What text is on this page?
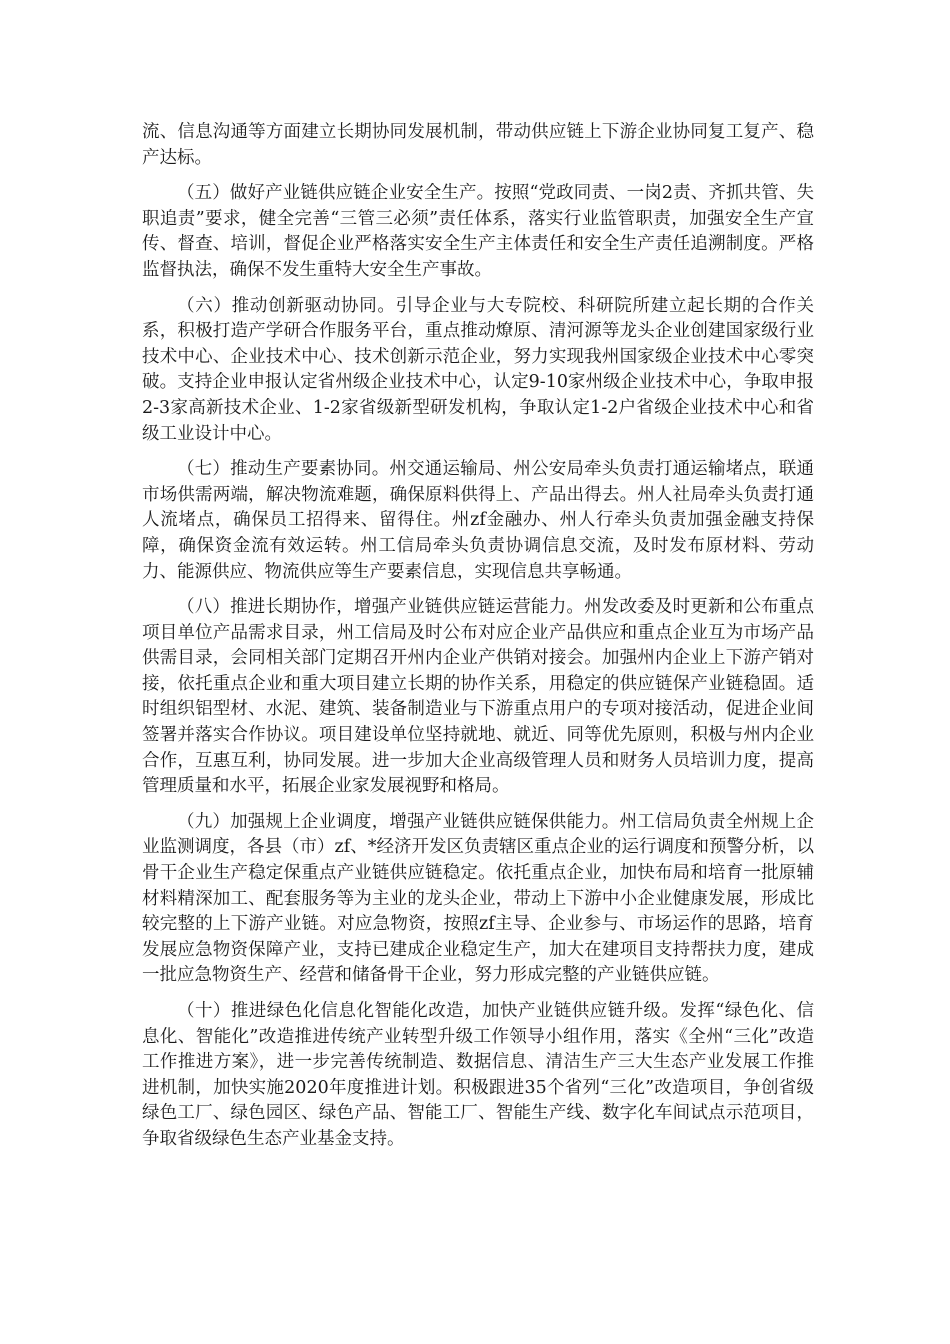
流、信息沟通等方面建立长期协同发展机制，带动供应链上下游企业协同复工复产、稳产达标。

（五）做好产业链供应链企业安全生产。按照“党政同责、一岗2责、齐抓共管、失职追责”要求，健全完善“三管三必须”责任体系，落实行业监管职责，加强安全生产宣传、督查、培训，督促企业严格落实安全生产主体责任和安全生产责任追溯制度。严格监督执法，确保不发生重特大安全生产事故。

（六）推动创新驱动协同。引导企业与大专院校、科研院所建立起长期的合作关系，积极打造产学研合作服务平台，重点推动燎原、清河源等龙头企业创建国家级行业技术中心、企业技术中心、技术创新示范企业，努力实现我州国家级企业技术中心零突破。支持企业申报认定省州级企业技术中心，认定9-10家州级企业技术中心，争取申报2-3家高新技术企业、1-2家省级新型研发机构，争取认定1-2户省级企业技术中心和省级工业设计中心。

（七）推动生产要素协同。州交通运输局、州公安局牵头负责打通运输堵点，联通市场供需两端，解决物流难题，确保原料供得上、产品出得去。州人社局牵头负责打通人流堵点，确保员工招得来、留得住。州zf金融办、州人行牵头负责加强金融支持保障，确保资金流有效运转。州工信局牵头负责协调信息交流，及时发布原材料、劳动力、能源供应、物流供应等生产要素信息，实现信息共享畅通。

（八）推进长期协作，增强产业链供应链运营能力。州发改委及时更新和公布重点项目单位产品需求目录，州工信局及时公布对应企业产品供应和重点企业互为市场产品供需目录，会同相关部门定期召开州内企业产供销对接会。加强州内企业上下游产销对接，依托重点企业和重大项目建立长期的协作关系，用稳定的供应链保产业链稳固。适时组织铝型材、水泥、建筑、装备制造业与下游重点用户的专项对接活动，促进企业间签署并落实合作协议。项目建设单位坚持就地、就近、同等优先原则，积极与州内企业合作，互惠互利，协同发展。进一步加大企业高级管理人员和财务人员培训力度，提高管理质量和水平，拓展企业家发展视野和格局。

（九）加强规上企业调度，增强产业链供应链保供能力。州工信局负责全州规上企业监测调度，各县（市）zf、*经济开发区负责辖区重点企业的运行调度和预警分析，以骨干企业生产稳定保重点产业链供应链稳定。依托重点企业，加快布局和培育一批原辅材料精深加工、配套服务等为主业的龙头企业，带动上下游中小企业健康发展，形成比较完整的上下游产业链。对应急物资，按照zf主导、企业参与、市场运作的思路，培育发展应急物资保障产业，支持已建成企业稳定生产，加大在建项目支持帮扶力度，建成一批应急物资生产、经营和储备骨干企业，努力形成完整的产业链供应链。

（十）推进绿色化信息化智能化改造，加快产业链供应链升级。发挥“绿色化、信息化、智能化”改造推进传统产业转型升级工作领导小组作用，落实《全州“三化”改造工作推进方案》，进一步完善传统制造、数据信息、清洁生产三大生态产业发展工作推进机制，加快实施2020年度推进计划。积极跟进35个省列“三化”改造项目，争创省级绿色工厂、绿色园区、绿色产品、智能工厂、智能生产线、数字化车间试点示范项目，争取省级绿色生态产业基金支持。
